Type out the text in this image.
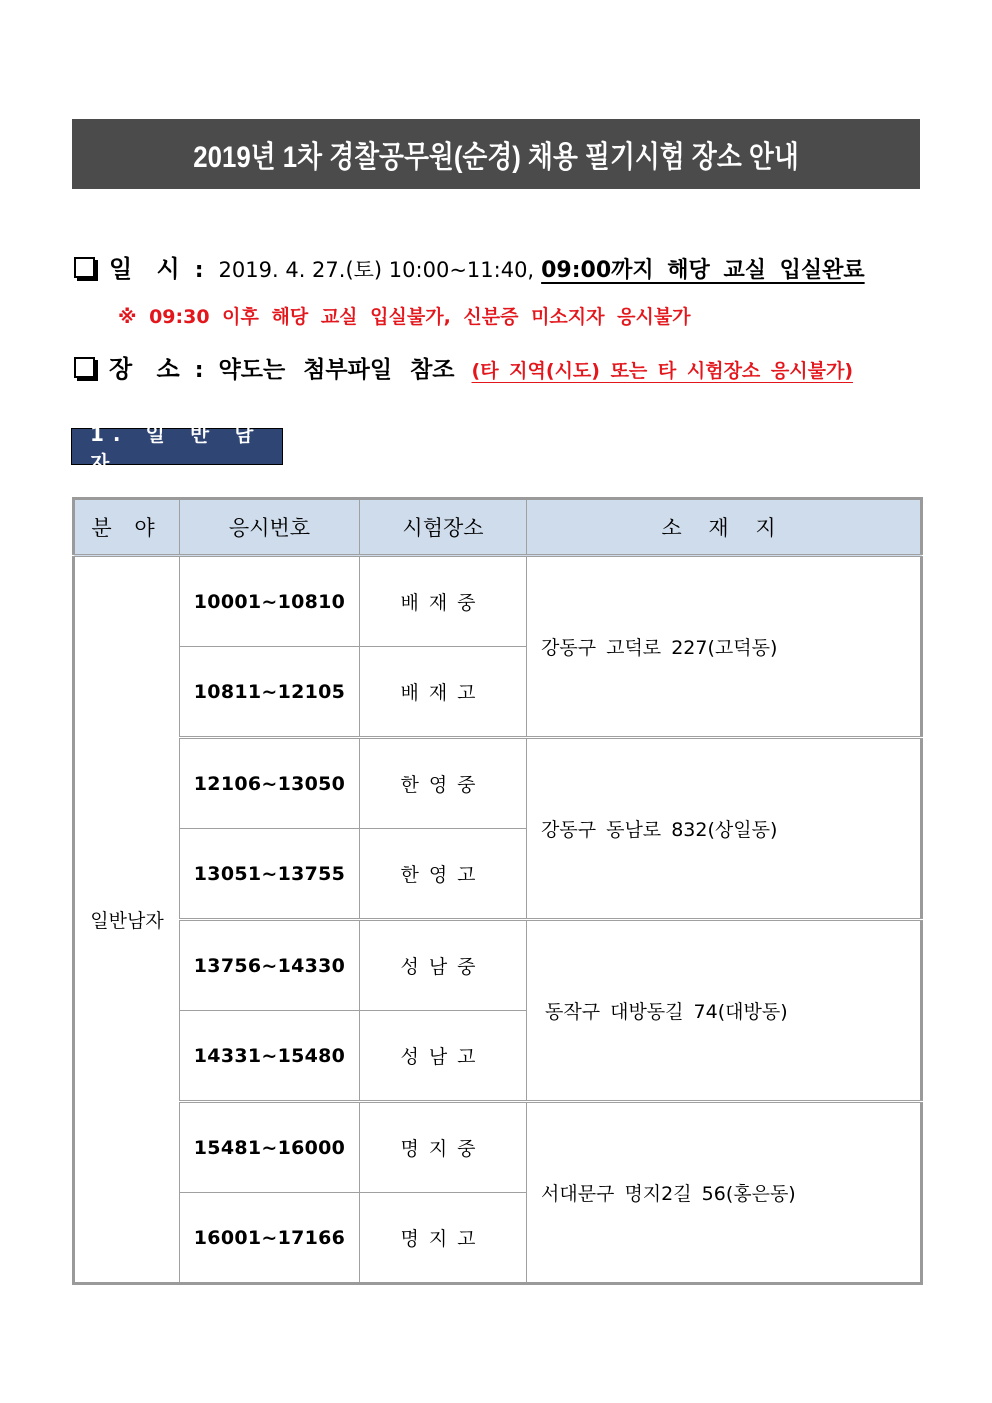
2019년 1차 경찰공무원(순경) 채용 필기시험 장소 안내
일 시 : 2019. 4. 27.(토) 10:00~11:40, 09:00까지 해당 교실 입실완료
※ 09:30 이후 해당 교실 입실불가, 신분증 미소지자 응시불가
장 소 : 약도는 첨부파일 참조 (타 지역(시도) 또는 타 시험장소 응시불가)
1. 일 반 남 자
분 야	응시번호	시험장소	소 재 지
일반남자	10001~10810	배재중	강동구 고덕로 227(고덕동)
	10811~12105	배재고	
	12106~13050	한영중	강동구 동남로 832(상일동)
	13051~13755	한영고	
	13756~14330	성남중	동작구 대방동길 74(대방동)
	14331~15480	성남고	
	15481~16000	명지중	서대문구 명지2길 56(홍은동)
	16001~17166	명지고	
